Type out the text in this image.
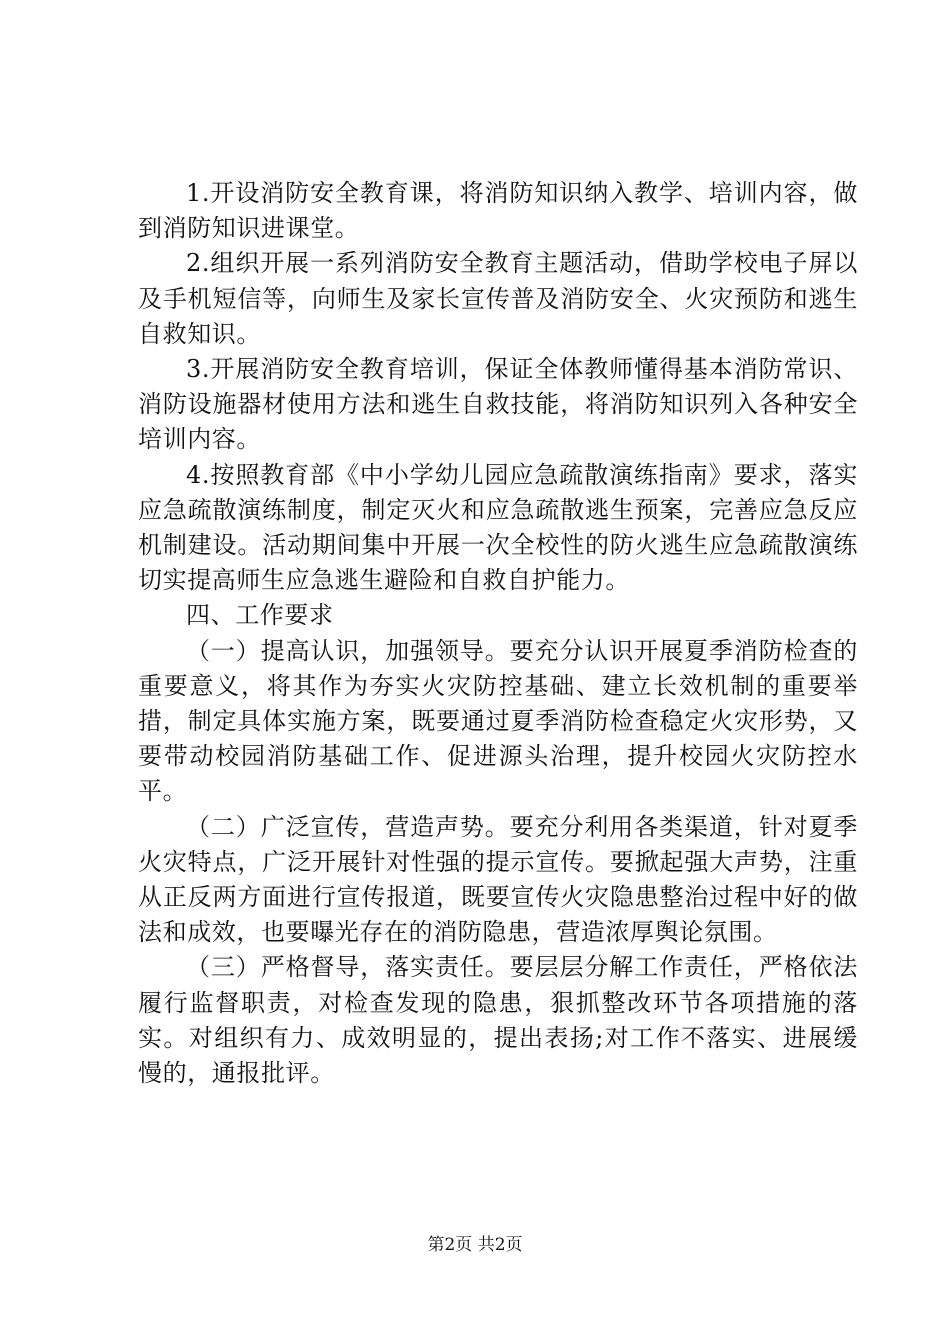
1.开设消防安全教育课，将消防知识纳入教学、培训内容，做到消防知识进课堂。

2.组织开展一系列消防安全教育主题活动，借助学校电子屏以及手机短信等，向师生及家长宣传普及消防安全、火灾预防和逃生自救知识。

3.开展消防安全教育培训，保证全体教师懂得基本消防常识、消防设施器材使用方法和逃生自救技能，将消防知识列入各种安全培训内容。

4.按照教育部《中小学幼儿园应急疏散演练指南》要求，落实应急疏散演练制度，制定灭火和应急疏散逃生预案，完善应急反应机制建设。活动期间集中开展一次全校性的防火逃生应急疏散演练切实提高师生应急逃生避险和自救自护能力。

四、工作要求

（一）提高认识，加强领导。要充分认识开展夏季消防检查的重要意义，将其作为夯实火灾防控基础、建立长效机制的重要举措，制定具体实施方案，既要通过夏季消防检查稳定火灾形势，又要带动校园消防基础工作、促进源头治理，提升校园火灾防控水平。

（二）广泛宣传，营造声势。要充分利用各类渠道，针对夏季火灾特点，广泛开展针对性强的提示宣传。要掀起强大声势，注重从正反两方面进行宣传报道，既要宣传火灾隐患整治过程中好的做法和成效，也要曝光存在的消防隐患，营造浓厚舆论氛围。

（三）严格督导，落实责任。要层层分解工作责任，严格依法履行监督职责，对检查发现的隐患，狠抓整改环节各项措施的落实。对组织有力、成效明显的，提出表扬;对工作不落实、进展缓慢的，通报批评。

第2页 共2页
